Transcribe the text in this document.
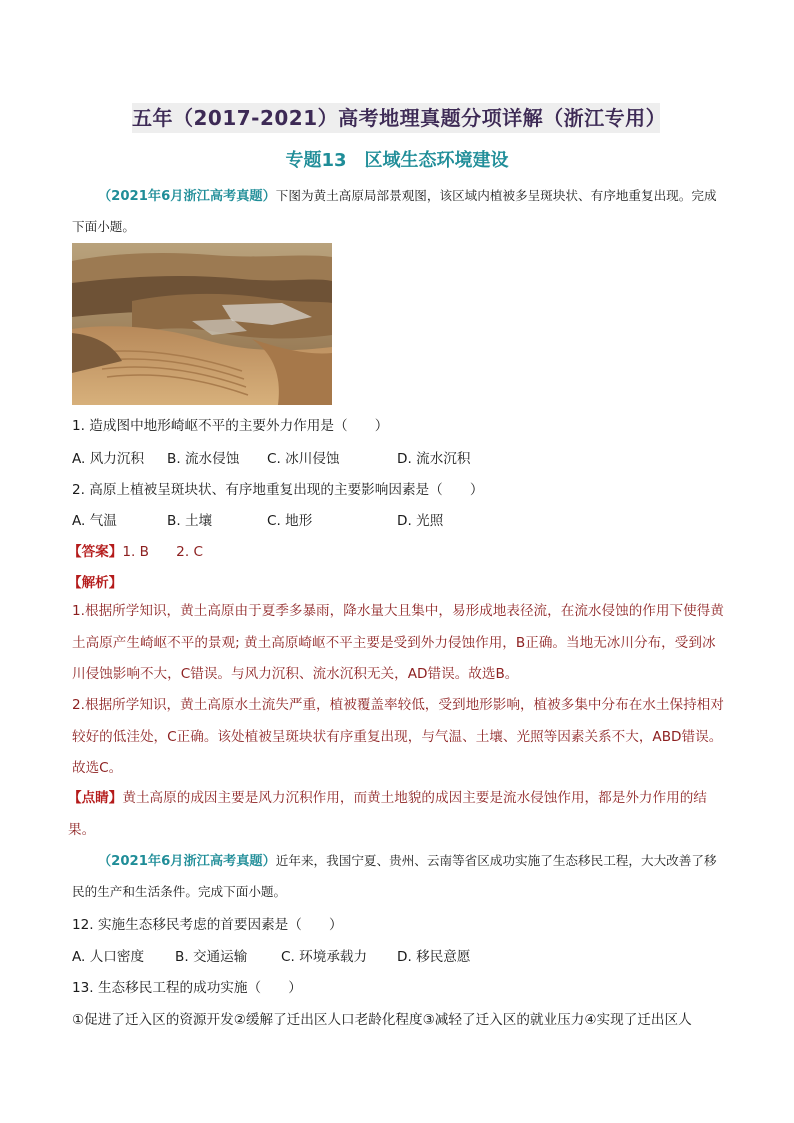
五年（2017-2021）高考地理真题分项详解（浙江专用）
专题13　区域生态环境建设

（2021年6月浙江高考真题）下图为黄土高原局部景观图，该区域内植被多呈斑块状、有序地重复出现。完成下面小题。

1. 造成图中地形崎岖不平的主要外力作用是（　　）
A. 风力沉积 B. 流水侵蚀 C. 冰川侵蚀	D. 流水沉积
2. 高原上植被呈斑块状、有序地重复出现的主要影响因素是（　　）
A. 气温	B. 土壤	C. 地形	D. 光照
【答案】1. B　　2. C
【解析】

1.根据所学知识，黄土高原由于夏季多暴雨，降水量大且集中，易形成地表径流，在流水侵蚀的作用下使得黄土高原产生崎岖不平的景观; 黄土高原崎岖不平主要是受到外力侵蚀作用，B正确。当地无冰川分布，受到冰川侵蚀影响不大，C错误。与风力沉积、流水沉积无关，AD错误。故选B。

2.根据所学知识，黄土高原水土流失严重，植被覆盖率较低，受到地形影响，植被多集中分布在水土保持相对较好的低洼处，C正确。该处植被呈斑块状有序重复出现，与气温、土壤、光照等因素关系不大，ABD错误。故选C。

【点睛】黄土高原的成因主要是风力沉积作用，而黄土地貌的成因主要是流水侵蚀作用，都是外力作用的结果。

（2021年6月浙江高考真题）近年来，我国宁夏、贵州、云南等省区成功实施了生态移民工程，大大改善了移民的生产和生活条件。完成下面小题。

12. 实施生态移民考虑的首要因素是（　　）
A. 人口密度 B. 交通运输 C. 环境承载力 D. 移民意愿
13. 生态移民工程的成功实施（　　）
①促进了迁入区的资源开发②缓解了迁出区人口老龄化程度③减轻了迁入区的就业压力④实现了迁出区人
